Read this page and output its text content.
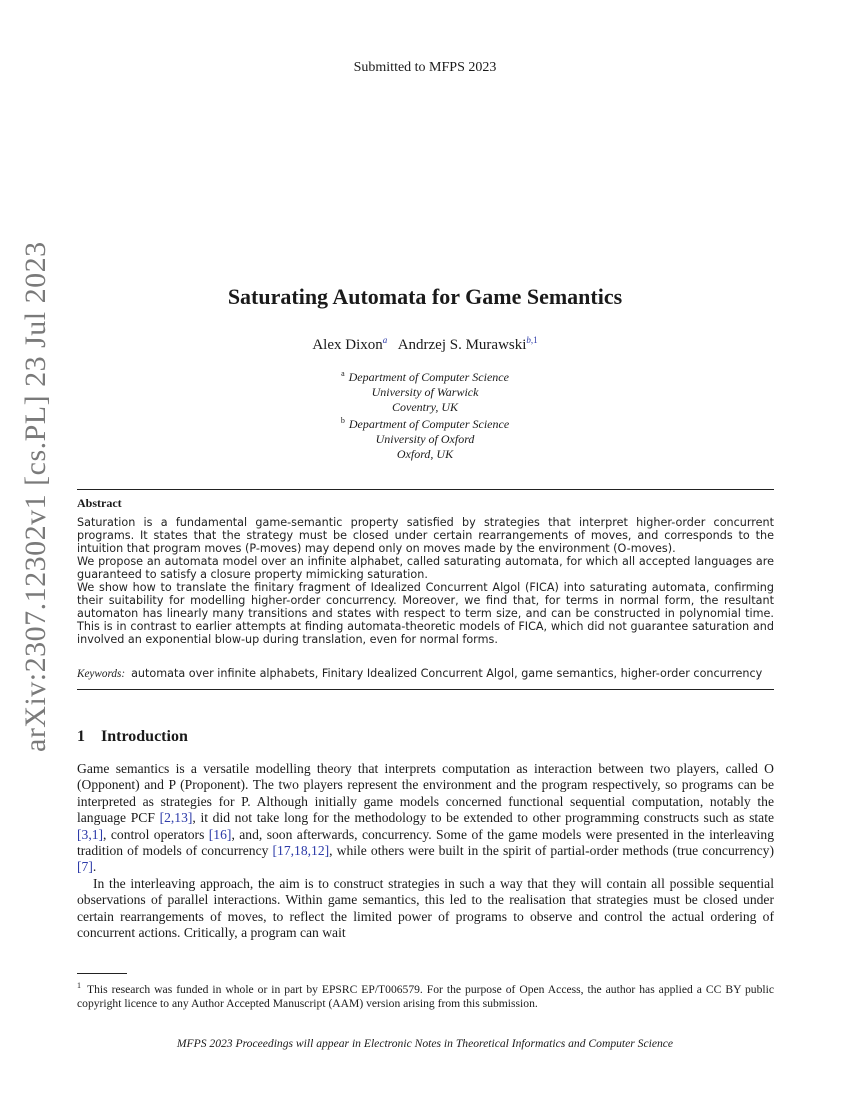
Submitted to MFPS 2023
arXiv:2307.12302v1 [cs.PL] 23 Jul 2023	Saturating Automata for Game Semantics
Alex Dixon$^a$ Andrzej S. Murawski$^{b,1}$
$^a$ Department of Computer Science
University of Warwick
Coventry, UK
$^b$ Department of Computer Science
University of Oxford
Oxford, UK
Abstract

Saturation is a fundamental game-semantic property satisfied by strategies that interpret higher-order concurrent programs. It states that the strategy must be closed under certain rearrangements of moves, and corresponds to the intuition that program moves (P-moves) may depend only on moves made by the environment (O-moves).

We propose an automata model over an infinite alphabet, called saturating automata, for which all accepted languages are guaranteed to satisfy a closure property mimicking saturation.

We show how to translate the finitary fragment of Idealized Concurrent Algol (FICA) into saturating automata, confirming their suitability for modelling higher-order concurrency. Moreover, we find that, for terms in normal form, the resultant automaton has linearly many transitions and states with respect to term size, and can be constructed in polynomial time. This is in contrast to earlier attempts at finding automata-theoretic models of FICA, which did not guarantee saturation and involved an exponential blow-up during translation, even for normal forms.

Keywords: automata over infinite alphabets, Finitary Idealized Concurrent Algol, game semantics, higher-order concurrency
1 Introduction

Game semantics is a versatile modelling theory that interprets computation as interaction between two players, called O (Opponent) and P (Proponent). The two players represent the environment and the program respectively, so programs can be interpreted as strategies for P. Although initially game models concerned functional sequential computation, notably the language PCF [2,13], it did not take long for the methodology to be extended to other programming constructs such as state [3,1], control operators [16], and, soon afterwards, concurrency. Some of the game models were presented in the interleaving tradition of models of concurrency [17,18,12], while others were built in the spirit of partial-order methods (true concurrency) [7].

In the interleaving approach, the aim is to construct strategies in such a way that they will contain all possible sequential observations of parallel interactions. Within game semantics, this led to the realisation that strategies must be closed under certain rearrangements of moves, to reflect the limited power of programs to observe and control the actual ordering of concurrent actions. Critically, a program can wait

$^1$ This research was funded in whole or in part by EPSRC EP/T006579. For the purpose of Open Access, the author has applied a CC BY public copyright licence to any Author Accepted Manuscript (AAM) version arising from this submission.
MFPS 2023 Proceedings will appear in Electronic Notes in Theoretical Informatics and Computer Science
